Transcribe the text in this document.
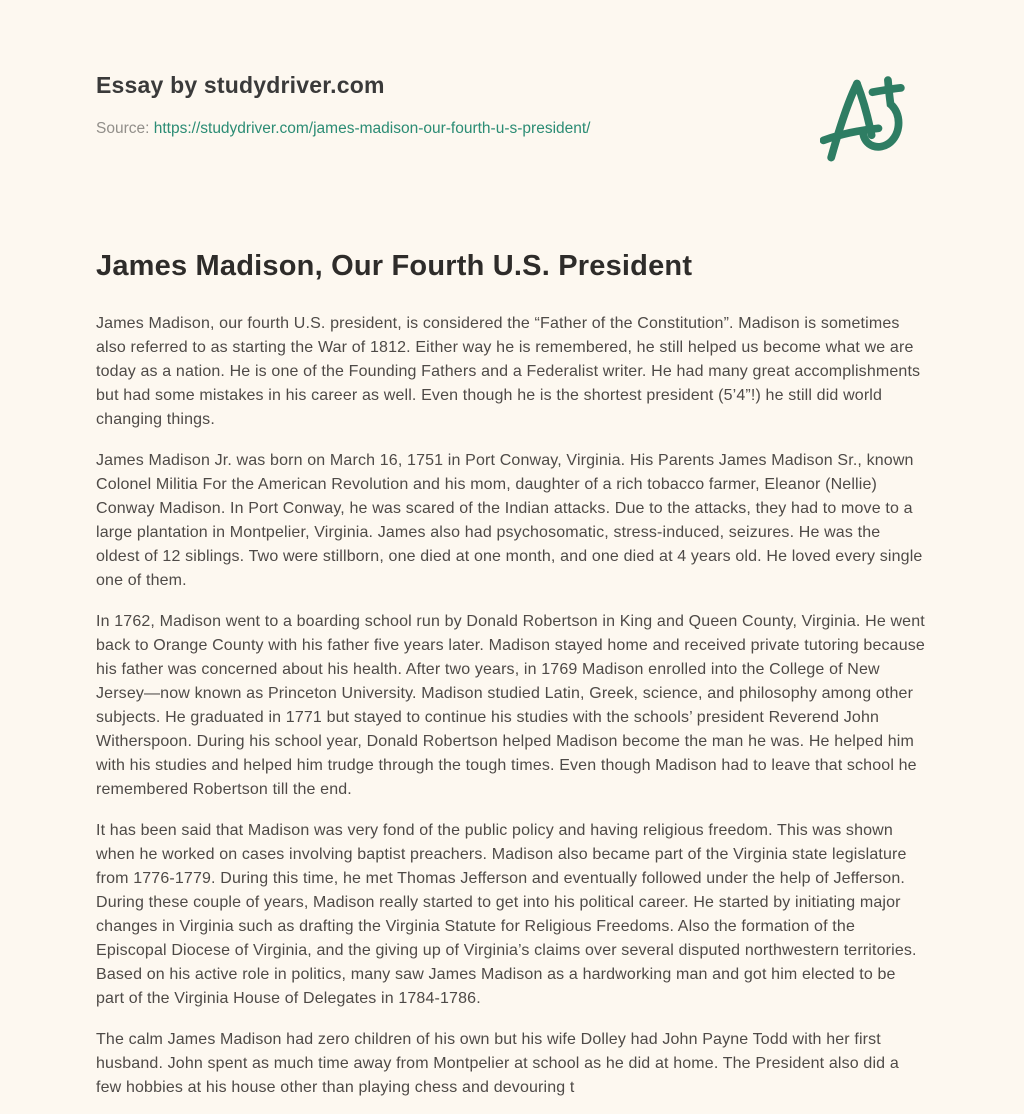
Essay by studydriver.com
Source: https://studydriver.com/james-madison-our-fourth-u-s-president/
James Madison, Our Fourth U.S. President

James Madison, our fourth U.S. president, is considered the “Father of the Constitution”. Madison is sometimes also referred to as starting the War of 1812. Either way he is remembered, he still helped us become what we are today as a nation. He is one of the Founding Fathers and a Federalist writer. He had many great accomplishments but had some mistakes in his career as well. Even though he is the shortest president (5’4”!) he still did world changing things.

James Madison Jr. was born on March 16, 1751 in Port Conway, Virginia. His Parents James Madison Sr., known Colonel Militia For the American Revolution and his mom, daughter of a rich tobacco farmer, Eleanor (Nellie) Conway Madison. In Port Conway, he was scared of the Indian attacks. Due to the attacks, they had to move to a large plantation in Montpelier, Virginia. James also had psychosomatic, stress-induced, seizures. He was the oldest of 12 siblings. Two were stillborn, one died at one month, and one died at 4 years old. He loved every single one of them.

In 1762, Madison went to a boarding school run by Donald Robertson in King and Queen County, Virginia. He went back to Orange County with his father five years later. Madison stayed home and received private tutoring because his father was concerned about his health. After two years, in 1769 Madison enrolled into the College of New Jersey—now known as Princeton University. Madison studied Latin, Greek, science, and philosophy among other subjects. He graduated in 1771 but stayed to continue his studies with the schools’ president Reverend John Witherspoon. During his school year, Donald Robertson helped Madison become the man he was. He helped him with his studies and helped him trudge through the tough times. Even though Madison had to leave that school he remembered Robertson till the end.

It has been said that Madison was very fond of the public policy and having religious freedom. This was shown when he worked on cases involving baptist preachers. Madison also became part of the Virginia state legislature from 1776-1779. During this time, he met Thomas Jefferson and eventually followed under the help of Jefferson. During these couple of years, Madison really started to get into his political career. He started by initiating major changes in Virginia such as drafting the Virginia Statute for Religious Freedoms. Also the formation of the Episcopal Diocese of Virginia, and the giving up of Virginia’s claims over several disputed northwestern territories. Based on his active role in politics, many saw James Madison as a hardworking man and got him elected to be part of the Virginia House of Delegates in 1784-1786.

The calm James Madison had zero children of his own but his wife Dolley had John Payne Todd with her first husband. John spent as much time away from Montpelier at school as he did at home. The President also did a few hobbies at his house other than playing chess and devouring t
